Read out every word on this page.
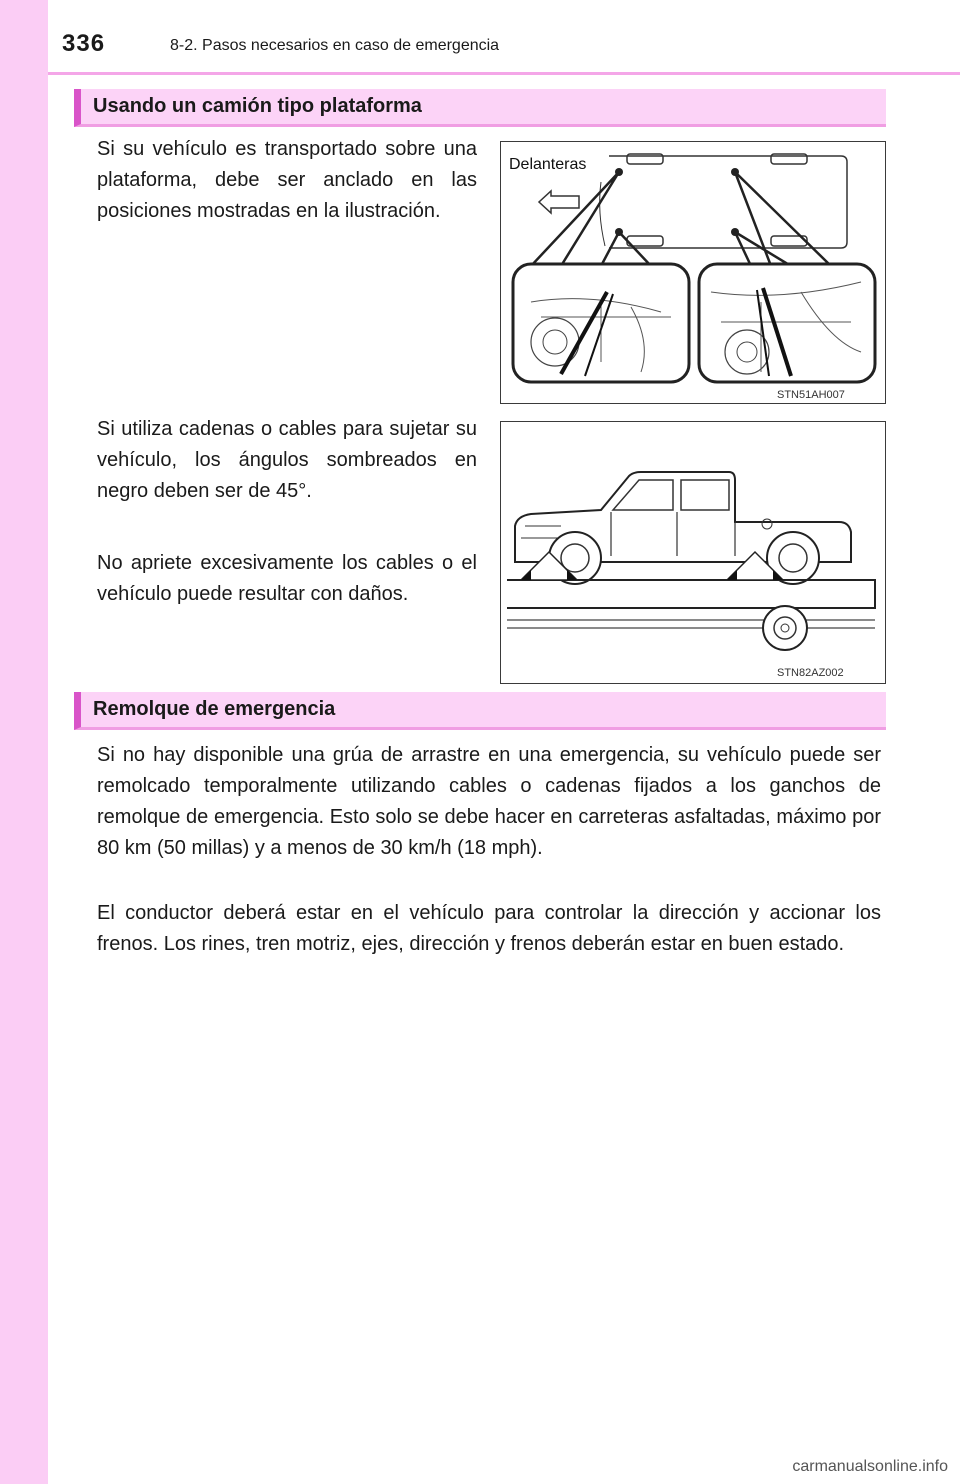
336	8-2. Pasos necesarios en caso de emergencia
Usando un camión tipo plataforma

Si su vehículo es transportado sobre una plataforma, debe ser anclado en las posiciones mostradas en la ilustración.

Si utiliza cadenas o cables para sujetar su vehículo, los ángulos sombreados en negro deben ser de 45°.

No apriete excesivamente los cables o el vehículo puede resultar con daños.

Delanteras
STN51AH007
STN82AZ002
Remolque de emergencia

Si no hay disponible una grúa de arrastre en una emergencia, su vehículo puede ser remolcado temporalmente utilizando cables o cadenas fijados a los ganchos de remolque de emergencia. Esto solo se debe hacer en carreteras asfaltadas, máximo por 80 km (50 millas) y a menos de 30 km/h (18 mph).

El conductor deberá estar en el vehículo para controlar la dirección y accionar los frenos. Los rines, tren motriz, ejes, dirección y frenos deberán estar en buen estado.

carmanualsonline.info
